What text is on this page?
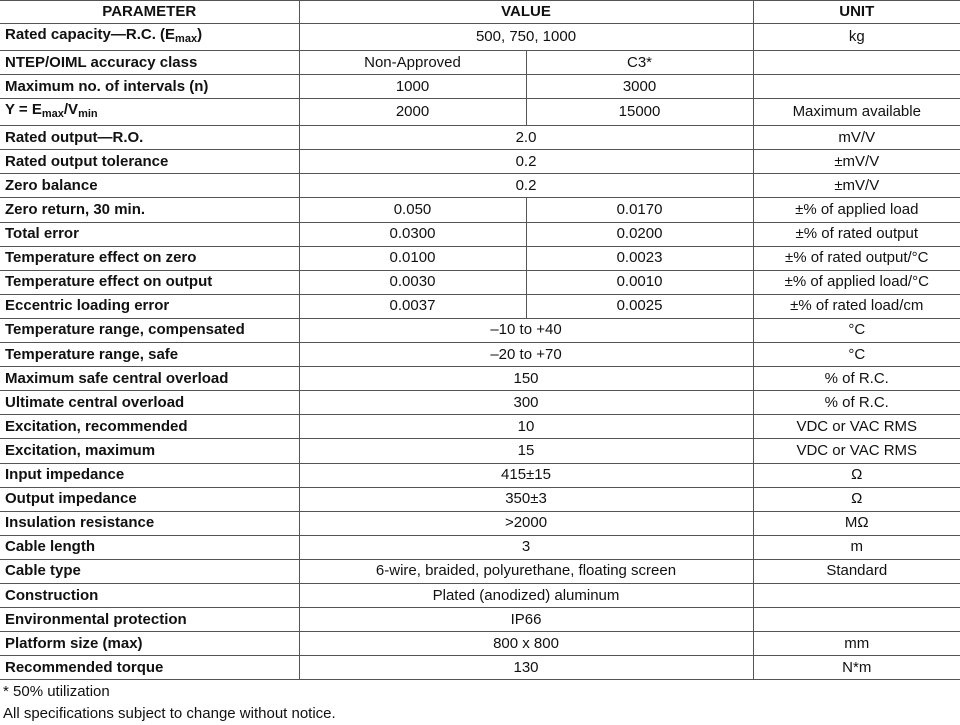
PARAMETER	VALUE		UNIT
Rated capacity—R.C. $(E_{max})$	500, 750, 1000		kg
NTEP/OIML accuracy class	Non-Approved	C3*	
Maximum no. of intervals (n)	1000	3000	
$Y = E_{max}/V_{min}$	2000	15000	Maximum available
Rated output—R.O.	2.0		mV/V
Rated output tolerance	0.2		±mV/V
Zero balance	0.2		±mV/V
Zero return, 30 min.	0.050	0.0170	±% of applied load
Total error	0.0300	0.0200	±% of rated output
Temperature effect on zero	0.0100	0.0023	±% of rated output/°C
Temperature effect on output	0.0030	0.0010	±% of applied load/°C
Eccentric loading error	0.0037	0.0025	±% of rated load/cm
Temperature range, compensated	–10 to +40		°C
Temperature range, safe	–20 to +70		°C
Maximum safe central overload	150		% of R.C.
Ultimate central overload	300		% of R.C.
Excitation, recommended	10		VDC or VAC RMS
Excitation, maximum	15		VDC or VAC RMS
Input impedance	415±15		Ω
Output impedance	350±3		Ω
Insulation resistance	>2000		MΩ
Cable length	3		m
Cable type	6-wire, braided, polyurethane, floating screen		Standard
Construction	Plated (anodized) aluminum		
Environmental protection	IP66		
Platform size (max)	800 x 800		mm
Recommended torque	130		N*m
* 50% utilization
All specifications subject to change without notice.
